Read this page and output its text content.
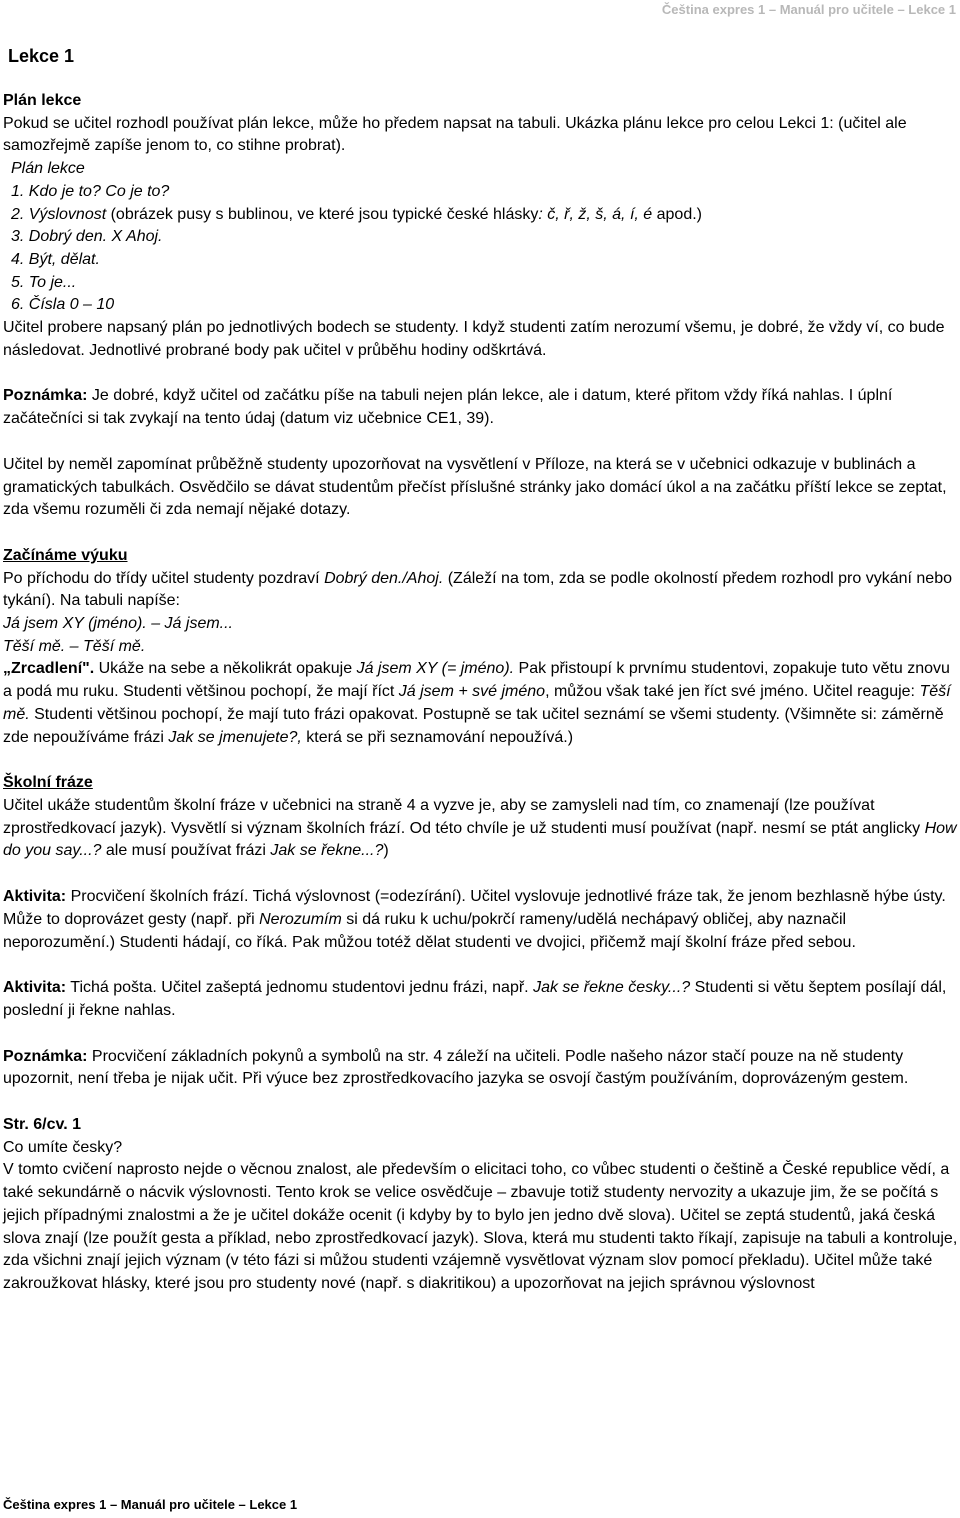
Čeština expres 1 – Manuál pro učitele – Lekce 1
Lekce 1

Plán lekce

Pokud se učitel rozhodl používat plán lekce, může ho předem napsat na tabuli. Ukázka plánu lekce pro celou Lekci 1: (učitel ale samozřejmě zapíše jenom to, co stihne probrat).

Plán lekce

1. Kdo je to? Co je to?

2. Výslovnost (obrázek pusy s bublinou, ve které jsou typické české hlásky: č, ř, ž, š, á, í, é apod.)

3. Dobrý den. X Ahoj.

4. Být, dělat.

5. To je...

6. Čísla 0 – 10

Učitel probere napsaný plán po jednotlivých bodech se studenty. I když studenti zatím nerozumí všemu, je dobré, že vždy ví, co bude následovat. Jednotlivé probrané body pak učitel v průběhu hodiny odškrtává.

Poznámka: Je dobré, když učitel od začátku píše na tabuli nejen plán lekce, ale i datum, které přitom vždy říká nahlas. I úplní začátečníci si tak zvykají na tento údaj (datum viz učebnice CE1, 39).

Učitel by neměl zapomínat průběžně studenty upozorňovat na vysvětlení v Příloze, na která se v učebnici odkazuje v bublinách a gramatických tabulkách. Osvědčilo se dávat studentům přečíst příslušné stránky jako domácí úkol a na začátku příští lekce se zeptat, zda všemu rozuměli či zda nemají nějaké dotazy.

Začínáme výuku

Po příchodu do třídy učitel studenty pozdraví Dobrý den./Ahoj. (Záleží na tom, zda se podle okolností předem rozhodl pro vykání nebo tykání). Na tabuli napíše:

Já jsem XY (jméno). – Já jsem...

Těší mě. – Těší mě.

„Zrcadlení". Ukáže na sebe a několikrát opakuje Já jsem XY (= jméno). Pak přistoupí k prvnímu studentovi, zopakuje tuto větu znovu a podá mu ruku. Studenti většinou pochopí, že mají říct Já jsem + své jméno, můžou však také jen říct své jméno. Učitel reaguje: Těší mě. Studenti většinou pochopí, že mají tuto frázi opakovat. Postupně se tak učitel seznámí se všemi studenty. (Všimněte si: záměrně zde nepoužíváme frázi Jak se jmenujete?, která se při seznamování nepoužívá.)

Školní fráze

Učitel ukáže studentům školní fráze v učebnici na straně 4 a vyzve je, aby se zamysleli nad tím, co znamenají (lze používat zprostředkovací jazyk). Vysvětlí si význam školních frází. Od této chvíle je už studenti musí používat (např. nesmí se ptát anglicky How do you say...? ale musí používat frázi Jak se řekne...?)

Aktivita: Procvičení školních frází. Tichá výslovnost (=odezírání). Učitel vyslovuje jednotlivé fráze tak, že jenom bezhlasně hýbe ústy. Může to doprovázet gesty (např. při Nerozumím si dá ruku k uchu/pokrčí rameny/udělá nechápavý obličej, aby naznačil neporozumění.) Studenti hádají, co říká. Pak můžou totéž dělat studenti ve dvojici, přičemž mají školní fráze před sebou.

Aktivita: Tichá pošta. Učitel zašeptá jednomu studentovi jednu frázi, např. Jak se řekne česky...? Studenti si větu šeptem posílají dál, poslední ji řekne nahlas.

Poznámka: Procvičení základních pokynů a symbolů na str. 4 záleží na učiteli. Podle našeho názor stačí pouze na ně studenty upozornit, není třeba je nijak učit. Při výuce bez zprostředkovacího jazyka se osvojí častým používáním, doprovázeným gestem.

Str. 6/cv. 1

Co umíte česky?

V tomto cvičení naprosto nejde o věcnou znalost, ale především o elicitaci toho, co vůbec studenti o češtině a České republice vědí, a také sekundárně o nácvik výslovnosti. Tento krok se velice osvědčuje – zbavuje totiž studenty nervozity a ukazuje jim, že se počítá s jejich případnými znalostmi a že je učitel dokáže ocenit (i kdyby by to bylo jen jedno dvě slova). Učitel se zeptá studentů, jaká česká slova znají (lze použít gesta a příklad, nebo zprostředkovací jazyk). Slova, která mu studenti takto říkají, zapisuje na tabuli a kontroluje, zda všichni znají jejich význam (v této fázi si můžou studenti vzájemně vysvětlovat význam slov pomocí překladu). Učitel může také zakroužkovat hlásky, které jsou pro studenty nové (např. s diakritikou) a upozorňovat na jejich správnou výslovnost

Čeština expres 1 – Manuál pro učitele – Lekce 1
